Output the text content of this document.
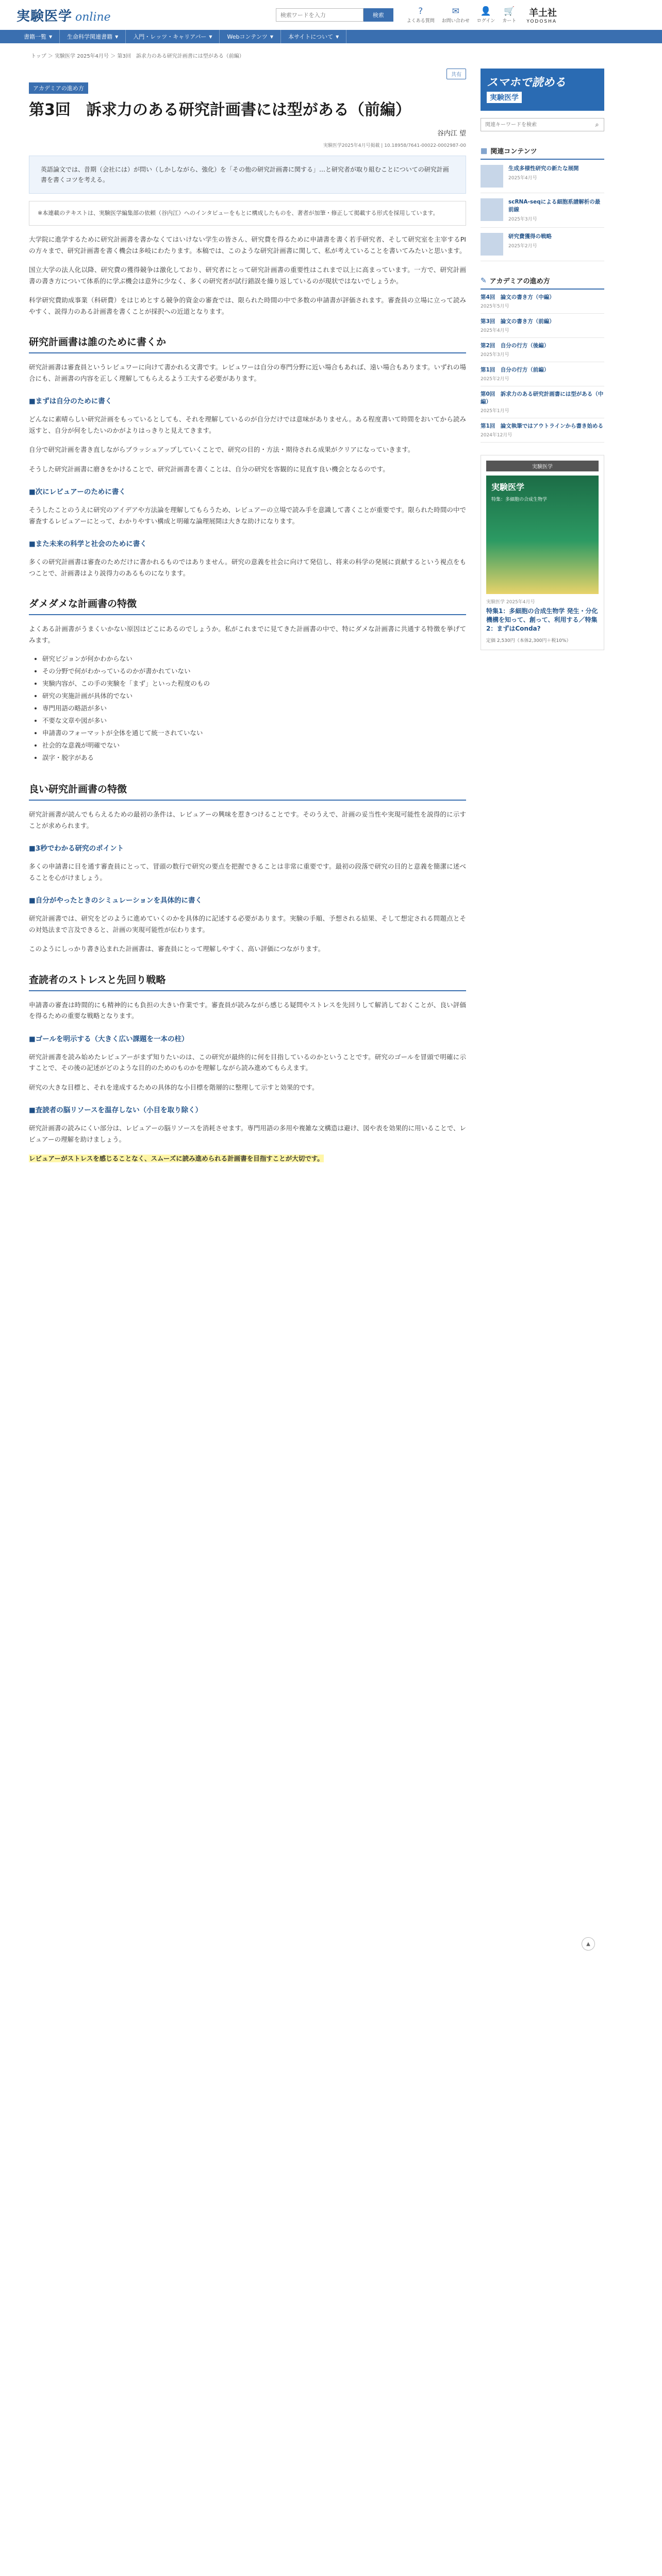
実験医学 online
検索ワードを入力	検索	?
よくある質問
✉
お問い合わせ
👤
ログイン
🛒
カート
羊土社
YODOSHA
書籍一覧 ▼	生命科学関連書籍 ▼	入門・レッツ・キャリアパー ▼	Webコンテンツ ▼	本サイトについて ▼
トップ ＞ 実験医学 2025年4月号 ＞ 第3回　訴求力のある研究計画書には型がある（前編）
共有
アカデミアの進め方
第3回　訴求力のある研究計画書には型がある（前編）
谷内江 望
実験医学2025年4月号掲載 | 10.18958/7641-00022-0002987-00
英語論文では、昔期（会社には）が問い（しかしながら、強化）を「その他の研究計画書に関する」…と研究者が取り組むことについての研究計画書を書くコツを考える。
※本連載のテキストは、実験医学編集部の依頼（谷内江）へのインタビューをもとに構成したものを、著者が加筆・修正して掲載する形式を採用しています。

大学院に進学するために研究計画書を書かなくてはいけない学生の皆さん、研究費を得るために申請書を書く若手研究者、そして研究室を主宰するPIの方々まで、研究計画書を書く機会は多岐にわたります。本稿では、このような研究計画書に関して、私が考えていることを書いてみたいと思います。

国立大学の法人化以降、研究費の獲得競争は激化しており、研究者にとって研究計画書の重要性はこれまで以上に高まっています。一方で、研究計画書の書き方について体系的に学ぶ機会は意外に少なく、多くの研究者が試行錯誤を繰り返しているのが現状ではないでしょうか。

科学研究費助成事業（科研費）をはじめとする競争的資金の審査では、限られた時間の中で多数の申請書が評価されます。審査員の立場に立って読みやすく、説得力のある計画書を書くことが採択への近道となります。

研究計画書は誰のために書くか

研究計画書は審査員というレビュワーに向けて書かれる文書です。レビュワーは自分の専門分野に近い場合もあれば、遠い場合もあります。いずれの場合にも、計画書の内容を正しく理解してもらえるよう工夫する必要があります。

■まずは自分のために書く

どんなに素晴らしい研究計画をもっているとしても、それを理解しているのが自分だけでは意味がありません。ある程度書いて時間をおいてから読み返すと、自分が何をしたいのかがよりはっきりと見えてきます。

自分で研究計画を書き直しながらブラッシュアップしていくことで、研究の目的・方法・期待される成果がクリアになっていきます。

そうした研究計画書に磨きをかけることで、研究計画書を書くことは、自分の研究を客観的に見直す良い機会となるのです。

■次にレビュアーのために書く

そうしたことのうえに研究のアイデアや方法論を理解してもらうため、レビュアーの立場で読み手を意識して書くことが重要です。限られた時間の中で審査するレビュアーにとって、わかりやすい構成と明確な論理展開は大きな助けになります。

■また未来の科学と社会のために書く

多くの研究計画書は審査のためだけに書かれるものではありません。研究の意義を社会に向けて発信し、将来の科学の発展に貢献するという視点をもつことで、計画書はより説得力のあるものになります。

ダメダメな計画書の特徴

よくある計画書がうまくいかない原因はどこにあるのでしょうか。私がこれまでに見てきた計画書の中で、特にダメな計画書に共通する特徴を挙げてみます。

• 研究ビジョンが何かわからない
• その分野で何がわかっているのかが書かれていない
• 実験内容が、この手の実験を「まず」といった程度のもの
• 研究の実施計画が具体的でない
• 専門用語の略語が多い
• 不要な文章や図が多い
• 申請書のフォーマットが全体を通じて統一されていない
• 社会的な意義が明確でない
• 誤字・脱字がある
良い研究計画書の特徴

研究計画書が読んでもらえるための最初の条件は、レビュアーの興味を惹きつけることです。そのうえで、計画の妥当性や実現可能性を説得的に示すことが求められます。

■3秒でわかる研究のポイント

多くの申請書に目を通す審査員にとって、冒頭の数行で研究の要点を把握できることは非常に重要です。最初の段落で研究の目的と意義を簡潔に述べることを心がけましょう。

■自分がやったときのシミュレーションを具体的に書く

研究計画書では、研究をどのように進めていくのかを具体的に記述する必要があります。実験の手順、予想される結果、そして想定される問題点とその対処法まで言及できると、計画の実現可能性が伝わります。

このようにしっかり書き込まれた計画書は、審査員にとって理解しやすく、高い評価につながります。

査読者のストレスと先回り戦略

申請書の審査は時間的にも精神的にも負担の大きい作業です。審査員が読みながら感じる疑問やストレスを先回りして解消しておくことが、良い評価を得るための重要な戦略となります。

■ゴールを明示する（大きく広い課題を一本の柱）

研究計画書を読み始めたレビュアーがまず知りたいのは、この研究が最終的に何を目指しているのかということです。研究のゴールを冒頭で明確に示すことで、その後の記述がどのような目的のためのものかを理解しながら読み進めてもらえます。

研究の大きな目標と、それを達成するための具体的な小目標を階層的に整理して示すと効果的です。

■査読者の脳リソースを温存しない（小目を取り除く）

研究計画書の読みにくい部分は、レビュアーの脳リソースを消耗させます。専門用語の多用や複雑な文構造は避け、図や表を効果的に用いることで、レビュアーの理解を助けましょう。

レビュアーがストレスを感じることなく、スムーズに読み進められる計画書を目指すことが大切です。

スマホで読める
実験医学
関連キーワードを検索
⌕
▦ 関連コンテンツ
生成多様性研究の新たな展開
2025年4月号
scRNA-seqによる細胞系譜解析の最前線
2025年3月号
研究費獲得の戦略
2025年2月号
✎ アカデミアの進め方
第4回　論文の書き方（中編）
2025年5月号
第3回　論文の書き方（前編）
2025年4月号
第2回　自分の行方（後編）
2025年3月号
第1回　自分の行方（前編）
2025年2月号
第0回　訴求力のある研究計画書には型がある（中編）
2025年1月号
第1回　論文執筆ではアウトラインから書き始める
2024年12月号
実験医学
実験医学
特集：多細胞の合成生物学
実験医学 2025年4月号
特集1：多細胞の合成生物学 発生・分化機構を知って、創って、利用する／特集2：まずはConda?
定価 2,530円（本体2,300円＋税10%）
▲
